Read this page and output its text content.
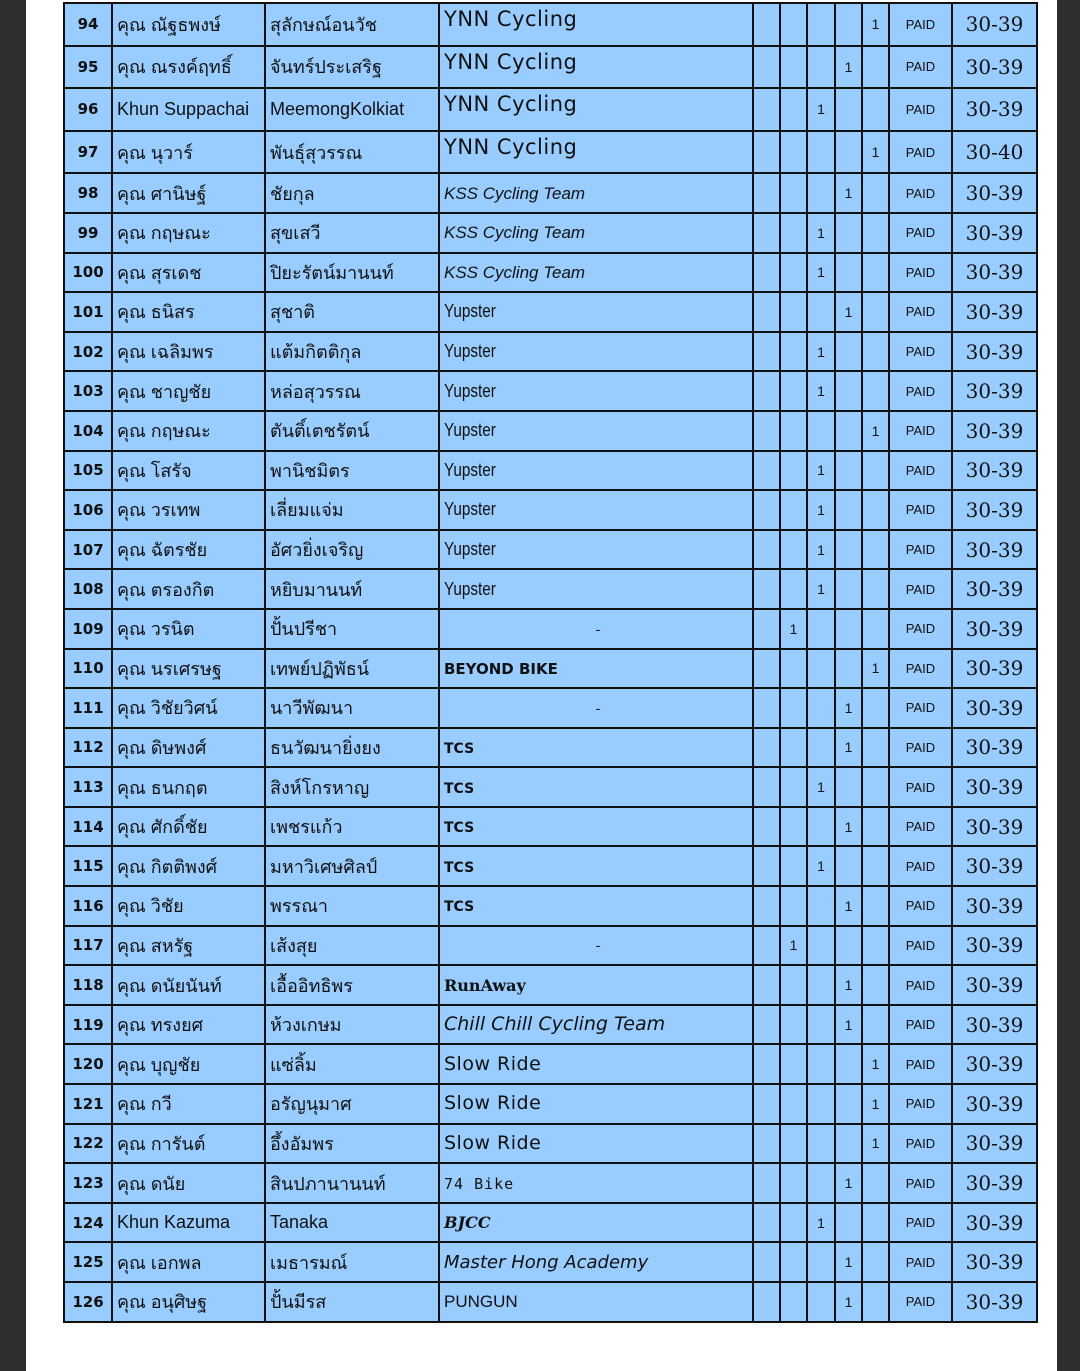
94	คุณ ณัฐธพงษ์	สุลักษณ์อนวัช	YNN Cycling					1	PAID	30-39
95	คุณ ณรงค์ฤทธิ์	จันทร์ประเสริฐ	YNN Cycling				1		PAID	30-39
96	Khun Suppachai	MeemongKolkiat	YNN Cycling			1			PAID	30-39
97	คุณ นุวาร์	พันธุ์สุวรรณ	YNN Cycling					1	PAID	30-40
98	คุณ ศานิษฐ์	ชัยกุล	KSS Cycling Team				1		PAID	30-39
99	คุณ กฤษณะ	สุขเสวี	KSS Cycling Team			1			PAID	30-39
100	คุณ สุรเดช	ปิยะรัตน์มานนท์	KSS Cycling Team			1			PAID	30-39
101	คุณ ธนิสร	สุชาติ	Yupster				1		PAID	30-39
102	คุณ เฉลิมพร	แต้มกิตติกุล	Yupster			1			PAID	30-39
103	คุณ ชาญชัย	หล่อสุวรรณ	Yupster			1			PAID	30-39
104	คุณ กฤษณะ	ตันติ์เตชรัตน์	Yupster					1	PAID	30-39
105	คุณ โสรัจ	พานิชมิตร	Yupster			1			PAID	30-39
106	คุณ วรเทพ	เลี่ยมแจ่ม	Yupster			1			PAID	30-39
107	คุณ ฉัตรชัย	อัศวยิ่งเจริญ	Yupster			1			PAID	30-39
108	คุณ ตรองกิต	หยิบมานนท์	Yupster			1			PAID	30-39
109	คุณ วรนิต	ปั้นปรีชา	-		1				PAID	30-39
110	คุณ นรเศรษฐ	เทพย์ปฏิพัธน์	BEYOND BIKE					1	PAID	30-39
111	คุณ วิชัยวิศน์	นาวีพัฒนา	-				1		PAID	30-39
112	คุณ ดิษพงศ์	ธนวัฒนายิ่งยง	TCS				1		PAID	30-39
113	คุณ ธนกฤต	สิงห์โกรหาญ	TCS			1			PAID	30-39
114	คุณ ศักดิ์ชัย	เพชรแก้ว	TCS				1		PAID	30-39
115	คุณ กิตติพงศ์	มหาวิเศษศิลป์	TCS			1			PAID	30-39
116	คุณ วิชัย	พรรณา	TCS				1		PAID	30-39
117	คุณ สหรัฐ	เส้งสุย	-		1				PAID	30-39
118	คุณ ดนัยนันท์	เอื้ออิทธิพร	RunAway				1		PAID	30-39
119	คุณ ทรงยศ	ห้วงเกษม	Chill Chill Cycling Team				1		PAID	30-39
120	คุณ บุญชัย	แซ่ลิ้ม	Slow Ride					1	PAID	30-39
121	คุณ กวี	อรัญนุมาศ	Slow Ride					1	PAID	30-39
122	คุณ การันต์	อึ้งอัมพร	Slow Ride					1	PAID	30-39
123	คุณ ดนัย	สินปภานานนท์	74 Bike				1		PAID	30-39
124	Khun Kazuma	Tanaka	BJCC			1			PAID	30-39
125	คุณ เอกพล	เมธารมณ์	Master Hong Academy				1		PAID	30-39
126	คุณ อนุศิษฐ	ปั้นมีรส	PUNGUN				1		PAID	30-39
